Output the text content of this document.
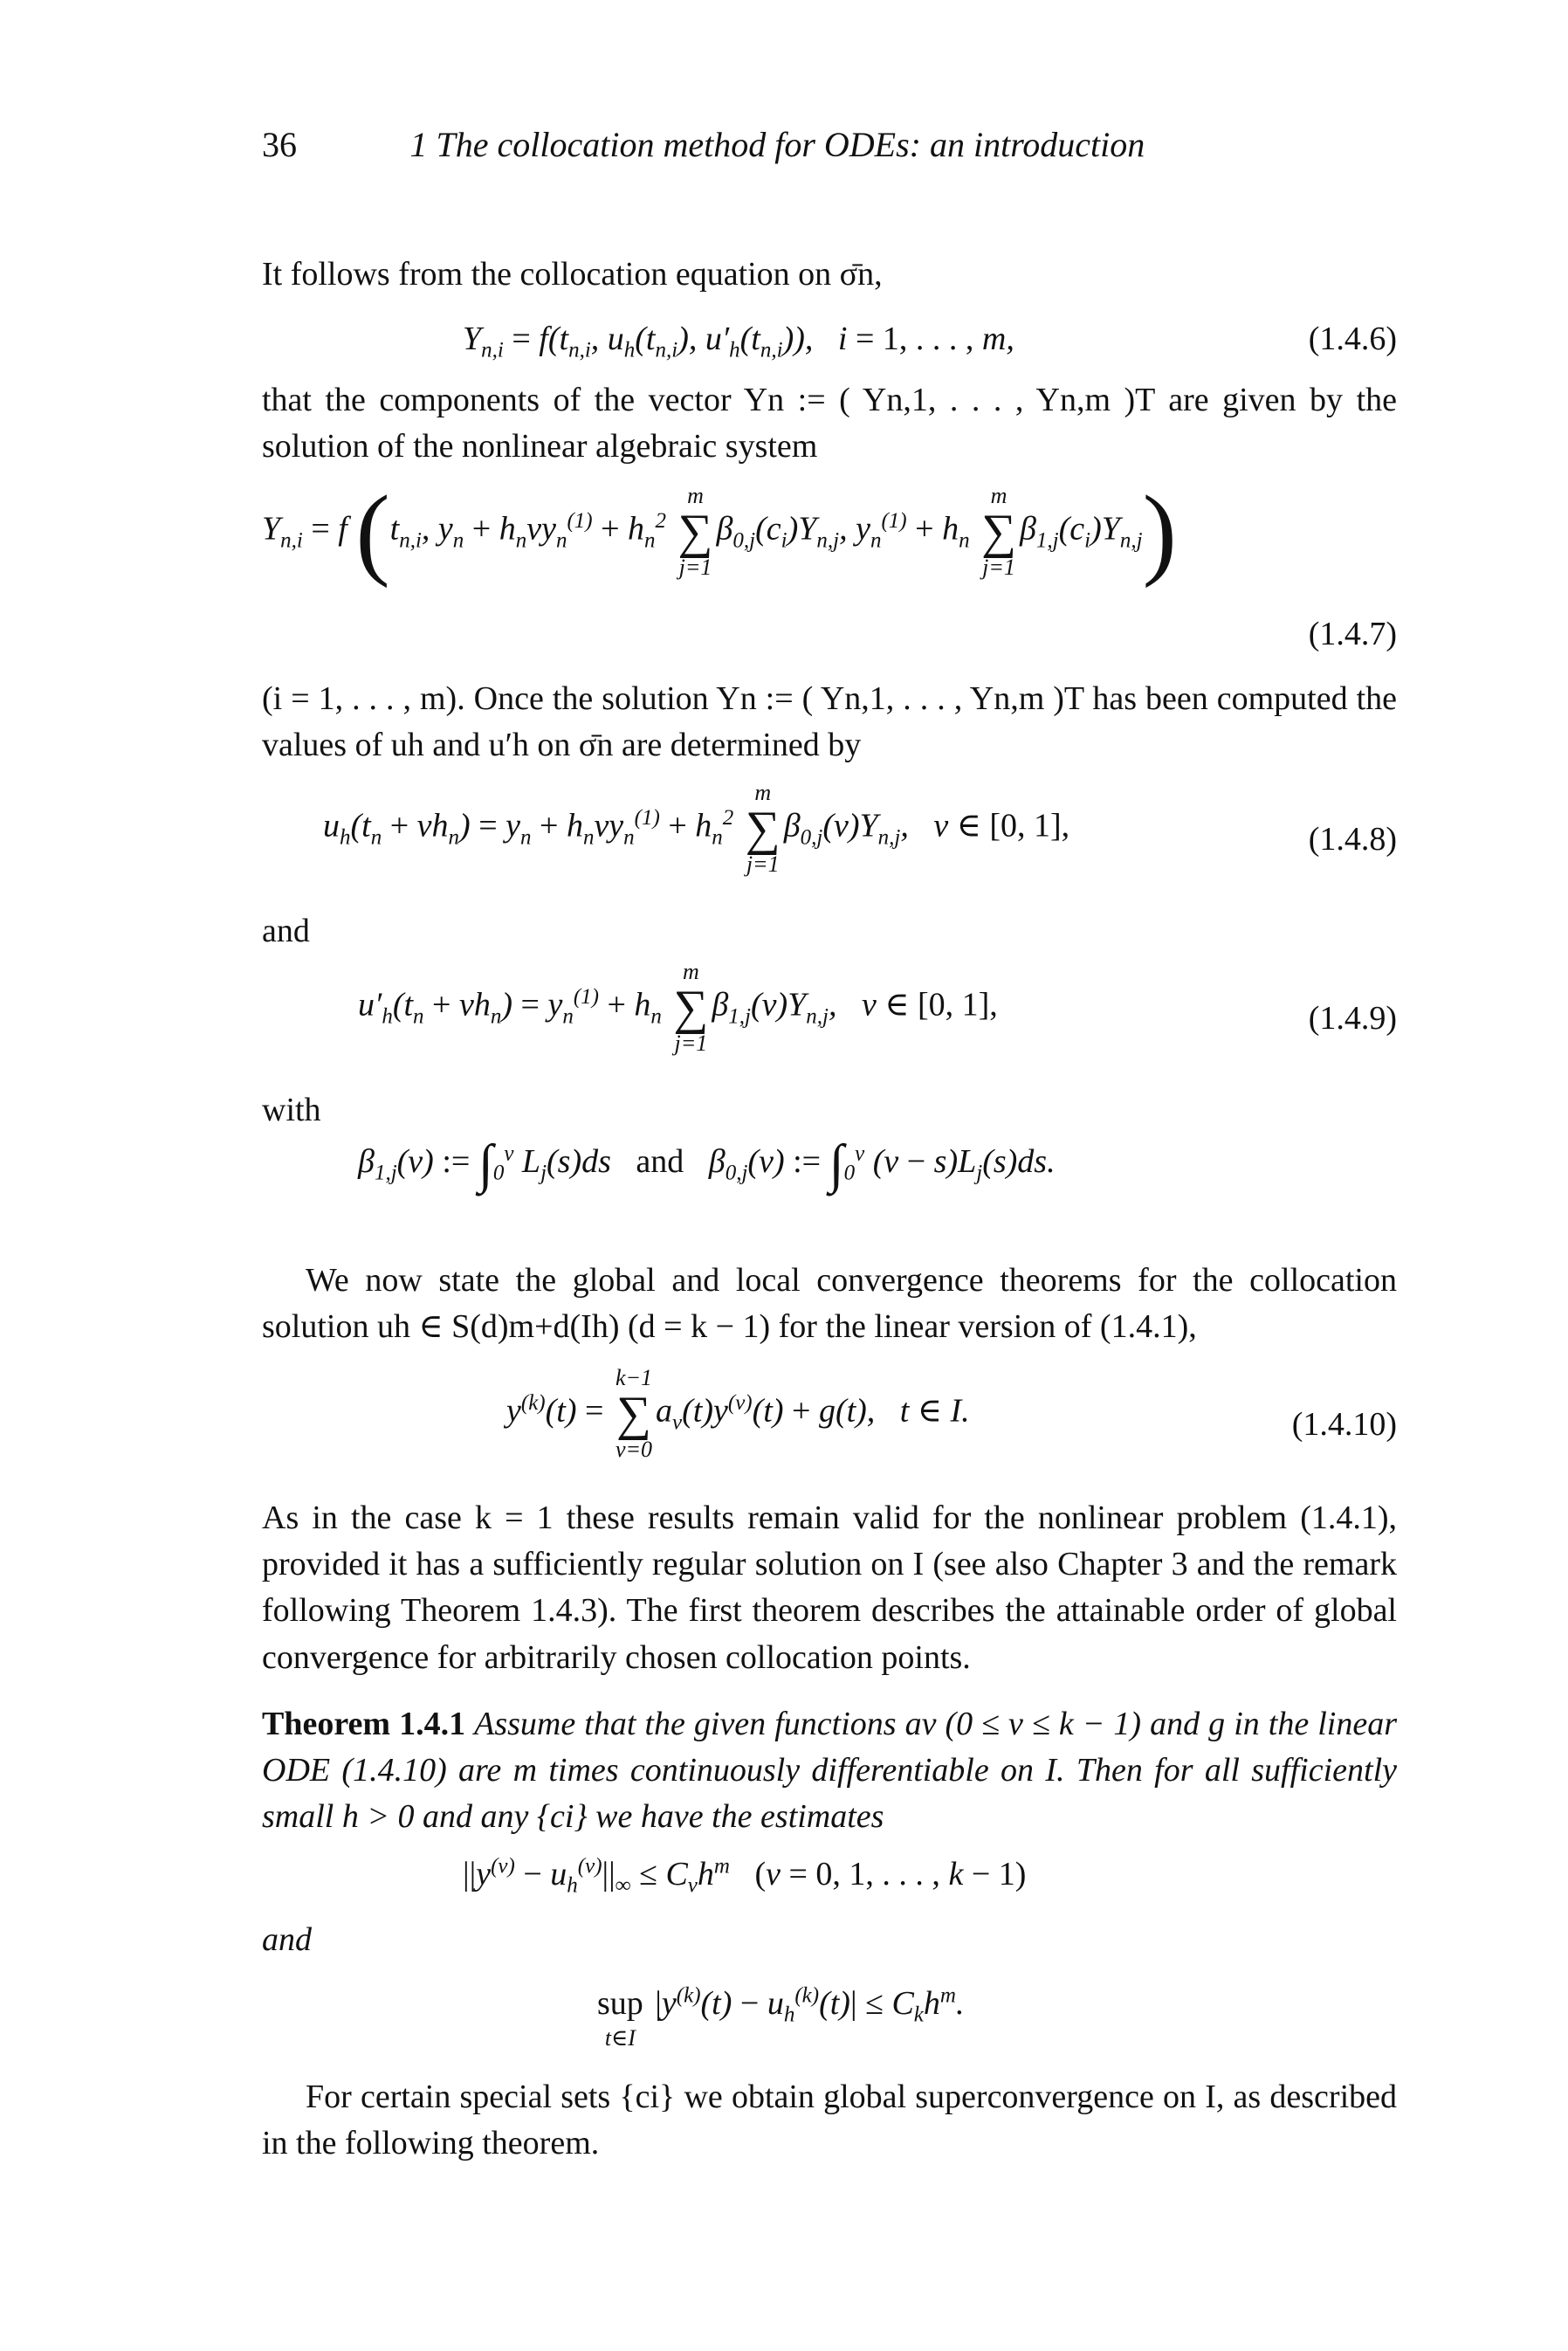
36	1 The collocation method for ODEs: an introduction
It follows from the collocation equation on σ̄n,
$Y_{n,i} = f(t_{n,i}$, $u_h(t_{n,i})$, $u'_h(t_{n,i})$),   i = 1, . . . , m,	(1.4.6)
that the components of the vector Yn := ( Yn,1, . . . , Yn,m )T are given by the solution of the nonlinear algebraic system
$Y_{n,i} = f$ ($t_{n,i}$, $y_n + h_nvy_n^{(1)} + h_n^2$
m
∑
j=1
$\beta_{0,j}(c_i)Y_{n,j}$, $y_n^{(1)} + h_n$
m
∑
j=1
$\beta_{1,j}(c_i)Y_{n,j}$)
(1.4.7)
(i = 1, . . . , m). Once the solution Yn := ( Yn,1, . . . , Yn,m )T has been computed the values of uh and u′h on σ̄n are determined by
$u_h(t_n + vh_n) = y_n + h_nvy_n^{(1)} + h_n^2$
m
∑
j=1
$\beta_{0,j}(v)Y_{n,j}$,   v ∈ [0, 1],	(1.4.8)
and
$u'_h(t_n + vh_n) = y_n^{(1)} + h_n$
m
∑
j=1
$\beta_{1,j}(v)Y_{n,j}$,   v ∈ [0, 1],	(1.4.9)
with
$\beta_{1,j}(v)$ := $\int_0^v$ $L_j(s)ds$   and   $\beta_{0,j}(v)$ := $\int_0^v$ $(v - s)L_j(s)ds$.
We now state the global and local convergence theorems for the collocation solution uh ∈ S(d)m+d(Ih) (d = k − 1) for the linear version of (1.4.1),
$y^{(k)}(t)$ =
k−1
∑
ν=0
$a_\nu(t)y^{(\nu)}(t) + g(t)$,   t ∈ I.	(1.4.10)
As in the case k = 1 these results remain valid for the nonlinear problem (1.4.1), provided it has a sufficiently regular solution on I (see also Chapter 3 and the remark following Theorem 1.4.3). The first theorem describes the attainable order of global convergence for arbitrarily chosen collocation points.
Theorem 1.4.1 Assume that the given functions aν (0 ≤ ν ≤ k − 1) and g in the linear ODE (1.4.10) are m times continuously differentiable on I. Then for all sufficiently small h > 0 and any {ci} we have the estimates
$||y^{(\nu)} - u_h^{(\nu)}||_\infty \le C_\nu h^m$ (ν = 0, 1, . . . , k − 1)
and
sup
t∈I
$|y^{(k)}(t) - u_h^{(k)}(t)| \le C_kh^m$.
For certain special sets {ci} we obtain global superconvergence on I, as described in the following theorem.
